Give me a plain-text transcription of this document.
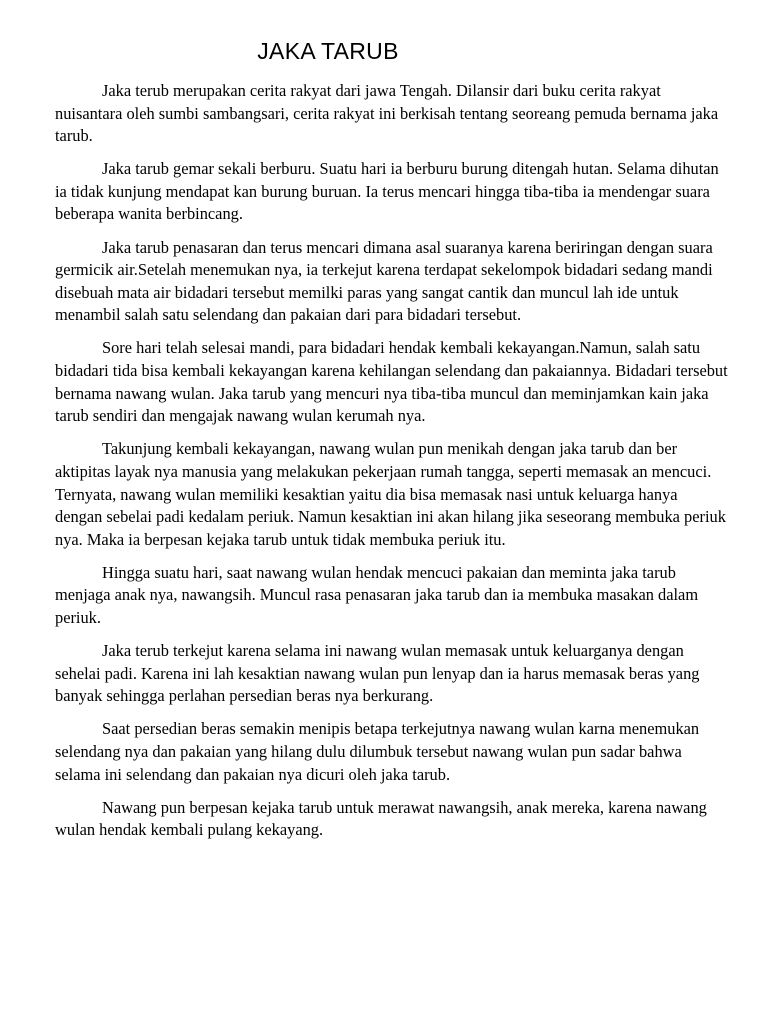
JAKA TARUB

Jaka terub merupakan cerita rakyat dari jawa Tengah. Dilansir dari buku cerita rakyat nuisantara oleh sumbi sambangsari, cerita rakyat ini berkisah tentang seoreang pemuda bernama jaka tarub.

Jaka tarub gemar sekali berburu. Suatu hari ia berburu burung ditengah hutan. Selama dihutan ia tidak kunjung mendapat kan burung buruan. Ia terus mencari hingga tiba-tiba ia mendengar suara beberapa wanita berbincang.

Jaka tarub penasaran dan terus mencari dimana asal suaranya karena beriringan dengan suara germicik air.Setelah menemukan nya, ia terkejut karena terdapat sekelompok bidadari sedang mandi disebuah mata air bidadari tersebut memilki paras yang sangat cantik dan muncul lah ide untuk menambil salah satu selendang dan pakaian dari para bidadari tersebut.

Sore hari telah selesai mandi, para bidadari hendak kembali kekayangan.Namun, salah satu bidadari tida bisa kembali kekayangan karena kehilangan selendang dan pakaiannya. Bidadari tersebut bernama nawang wulan. Jaka tarub yang mencuri nya tiba-tiba muncul dan meminjamkan kain jaka tarub sendiri dan mengajak nawang wulan kerumah nya.

Takunjung kembali kekayangan, nawang wulan pun menikah dengan jaka tarub dan ber aktipitas layak nya manusia yang melakukan pekerjaan rumah tangga, seperti memasak an mencuci. Ternyata, nawang wulan memiliki kesaktian yaitu dia bisa memasak nasi untuk keluarga hanya dengan sebelai padi kedalam periuk. Namun kesaktian ini akan hilang jika seseorang membuka periuk nya. Maka ia berpesan kejaka tarub untuk tidak membuka periuk itu.

Hingga suatu hari, saat nawang wulan hendak mencuci pakaian dan meminta jaka tarub menjaga anak nya, nawangsih. Muncul rasa penasaran jaka tarub dan ia membuka masakan dalam periuk.

Jaka terub terkejut karena selama ini nawang wulan memasak untuk keluarganya dengan sehelai padi. Karena ini lah kesaktian nawang wulan pun lenyap dan ia harus memasak beras yang banyak sehingga perlahan persedian beras nya berkurang.

Saat persedian beras semakin menipis betapa terkejutnya nawang wulan karna menemukan selendang nya dan pakaian yang hilang dulu dilumbuk tersebut nawang wulan pun sadar bahwa selama ini selendang dan pakaian nya dicuri oleh jaka tarub.

Nawang pun berpesan kejaka tarub untuk merawat nawangsih, anak mereka, karena nawang wulan hendak kembali pulang kekayang.
